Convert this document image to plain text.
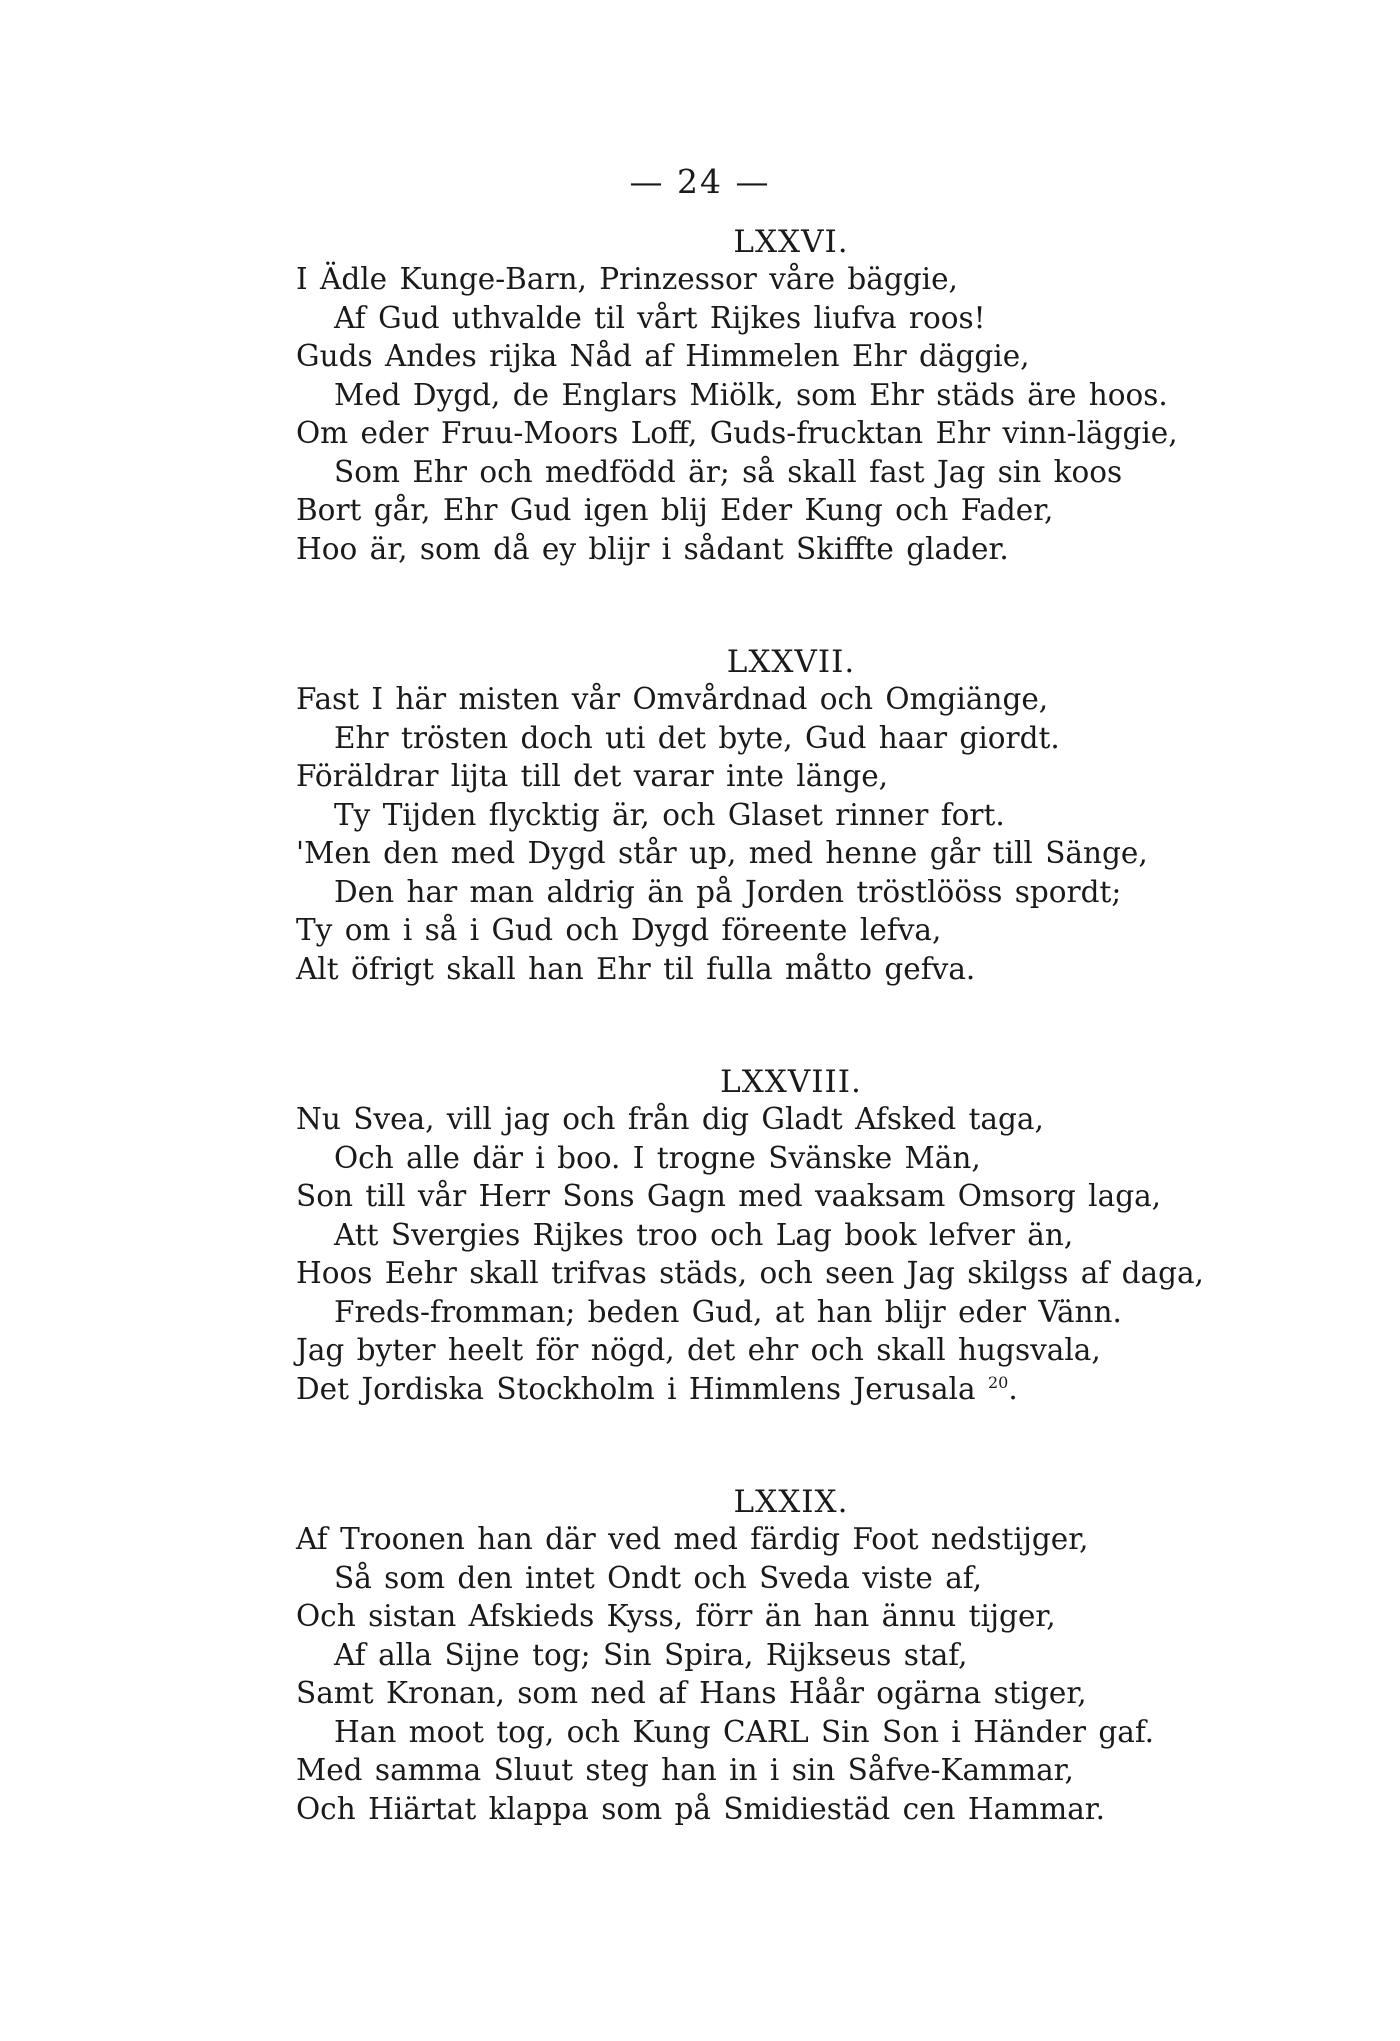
— 24 —
LXXVI.
I Ädle Kunge-Barn, Prinzessor våre bäggie,
Af Gud uthvalde til vårt Rijkes liufva roos!
Guds Andes rijka Nåd af Himmelen Ehr däggie,
Med Dygd, de Englars Miölk, som Ehr städs äre hoos.
Om eder Fruu-Moors Loff, Guds-frucktan Ehr vinn-läggie,
Som Ehr och medfödd är; så skall fast Jag sin koos
Bort går, Ehr Gud igen blij Eder Kung och Fader,
Hoo är, som då ey blijr i sådant Skiffte glader.
LXXVII.
Fast I här misten vår Omvårdnad och Omgiänge,
Ehr trösten doch uti det byte, Gud haar giordt.
Föräldrar lijta till det varar inte länge,
Ty Tijden flycktig är, och Glaset rinner fort.
'Men den med Dygd står up, med henne går till Sänge,
Den har man aldrig än på Jorden tröstlööss spordt;
Ty om i så i Gud och Dygd föreente lefva,
Alt öfrigt skall han Ehr til fulla måtto gefva.
LXXVIII.
Nu Svea, vill jag och från dig Gladt Afsked taga,
Och alle där i boo. I trogne Svänske Män,
Son till vår Herr Sons Gagn med vaaksam Omsorg laga,
Att Svergies Rijkes troo och Lag book lefver än,
Hoos Eehr skall trifvas städs, och seen Jag skilgss af daga,
Freds-fromman; beden Gud, at han blijr eder Vänn.
Jag byter heelt för nögd, det ehr och skall hugsvala,
Det Jordiska Stockholm i Himmlens Jerusala $^{20}$.
LXXIX.
Af Troonen han där ved med färdig Foot nedstijger,
Så som den intet Ondt och Sveda viste af,
Och sistan Afskieds Kyss, förr än han ännu tijger,
Af alla Sijne tog; Sin Spira, Rijkseus staf,
Samt Kronan, som ned af Hans Håår ogärna stiger,
Han moot tog, och Kung CARL Sin Son i Händer gaf.
Med samma Sluut steg han in i sin Såfve-Kammar,
Och Hiärtat klappa som på Smidiestäd cen Hammar.
